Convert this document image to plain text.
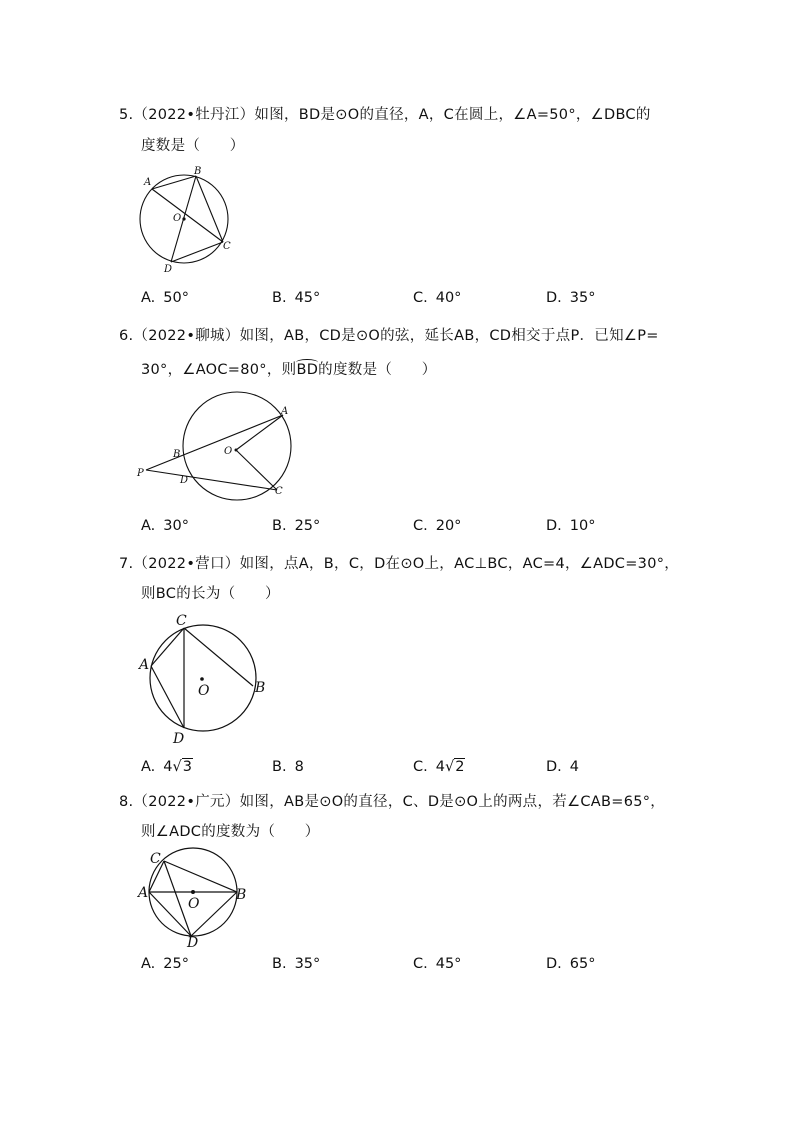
5.（2022•牡丹江）如图，BD是⊙O的直径，A，C在圆上，∠A=50°，∠DBC的
度数是（　　）
A
B
O
C
D
A. 50°	B. 45°	C. 40°	D. 35°
6.（2022•聊城）如图，AB，CD是⊙O的弦，延长AB，CD相交于点P．已知∠P=
30°，∠AOC=80°，则BD的度数是（　　）
A
O
B
P
D
C
A. 30°	B. 25°	C. 20°	D. 10°
7.（2022•营口）如图，点A，B，C，D在⊙O上，AC⊥BC，AC=4，∠ADC=30°，
则BC的长为（　　）
C
A
O	B
D
A. 4√3	B. 8	C. 4√2	D. 4
8.（2022•广元）如图，AB是⊙O的直径，C、D是⊙O上的两点，若∠CAB=65°，
则∠ADC的度数为（　　）
C
A
O
B
D
A. 25°	B. 35°	C. 45°	D. 65°
